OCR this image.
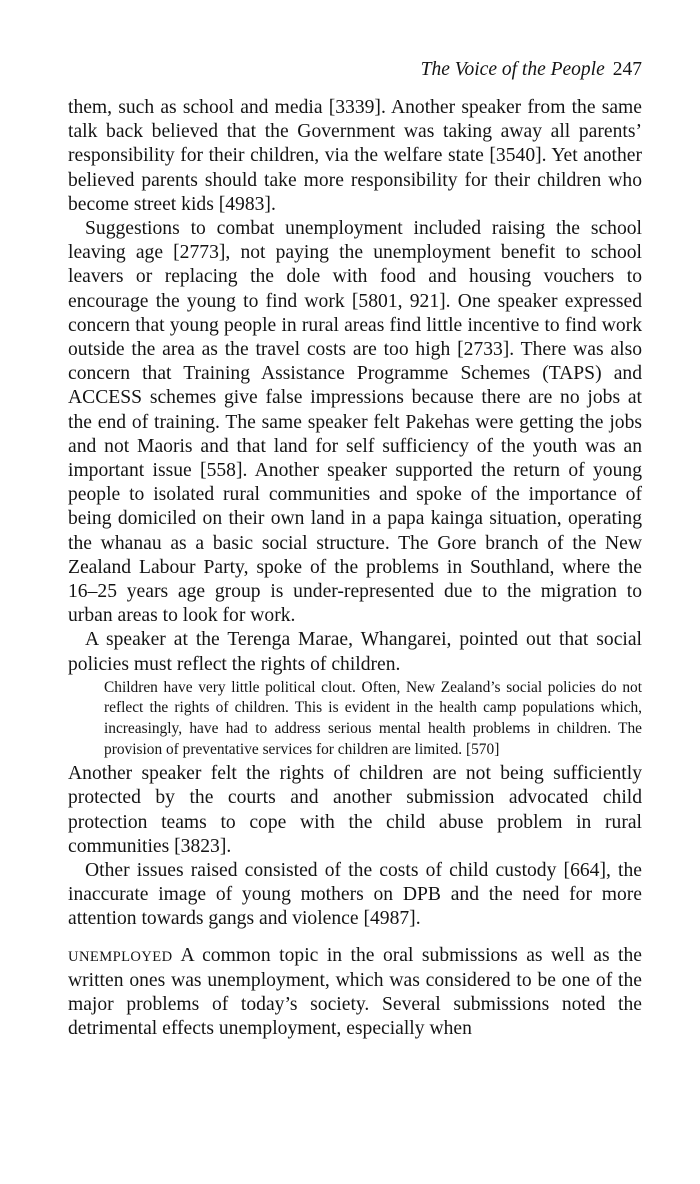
The Voice of the People 247

them, such as school and media [3339]. Another speaker from the same talk back believed that the Government was taking away all parents’ responsibility for their children, via the welfare state [3540]. Yet another believed parents should take more responsibility for their children who become street kids [4983].

Suggestions to combat unemployment included raising the school leaving age [2773], not paying the unemployment benefit to school leavers or replacing the dole with food and housing vouchers to encourage the young to find work [5801, 921]. One speaker expressed concern that young people in rural areas find little incentive to find work outside the area as the travel costs are too high [2733]. There was also concern that Training Assistance Programme Schemes (TAPS) and ACCESS schemes give false impressions because there are no jobs at the end of training. The same speaker felt Pakehas were getting the jobs and not Maoris and that land for self sufficiency of the youth was an important issue [558]. Another speaker supported the return of young people to isolated rural communities and spoke of the importance of being domiciled on their own land in a papa kainga situation, operating the whanau as a basic social structure. The Gore branch of the New Zealand Labour Party, spoke of the problems in Southland, where the 16–25 years age group is under-represented due to the migration to urban areas to look for work.

A speaker at the Terenga Marae, Whangarei, pointed out that social policies must reflect the rights of children.

Children have very little political clout. Often, New Zealand’s social policies do not reflect the rights of children. This is evident in the health camp populations which, increasingly, have had to address serious mental health problems in children. The provision of preventative services for children are limited. [570]

Another speaker felt the rights of children are not being sufficiently protected by the courts and another submission advocated child protection teams to cope with the child abuse problem in rural communities [3823].

Other issues raised consisted of the costs of child custody [664], the inaccurate image of young mothers on DPB and the need for more attention towards gangs and violence [4987].

UNEMPLOYED A common topic in the oral submissions as well as the written ones was unemployment, which was considered to be one of the major problems of today’s society. Several submissions noted the detrimental effects unemployment, especially when
